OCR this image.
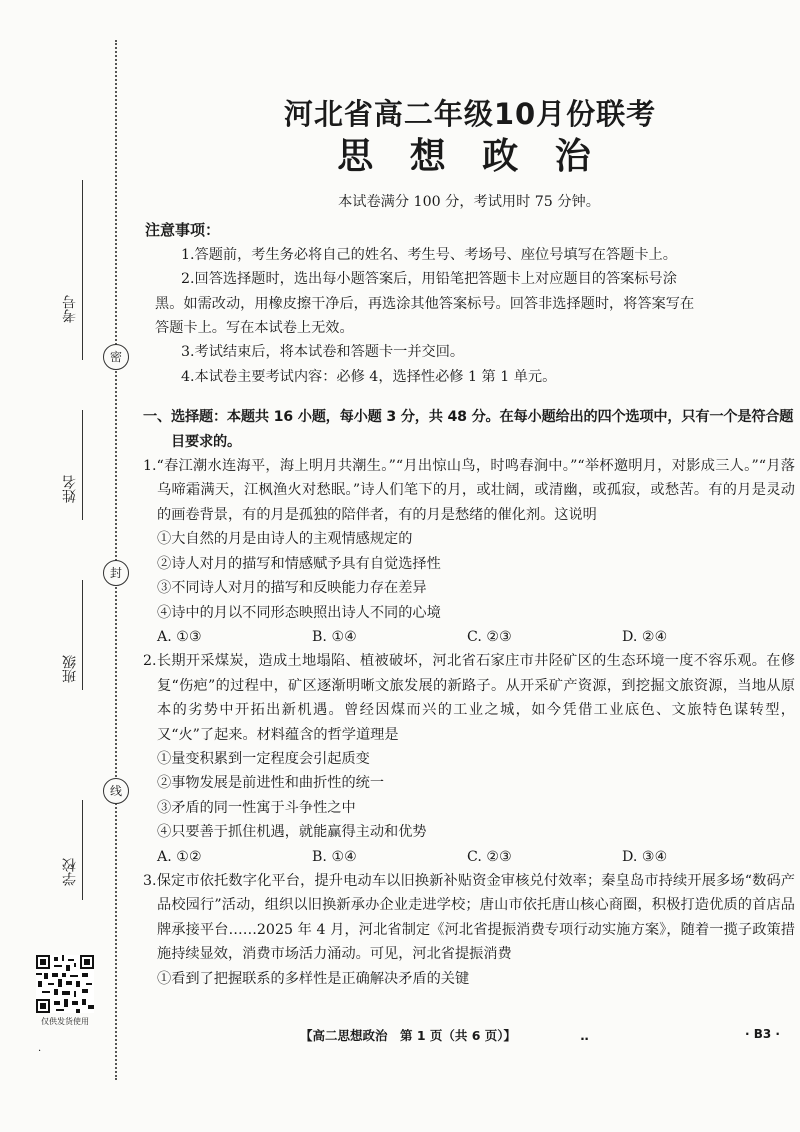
考号
姓名
班级
学校
密
封
线
仅供发货使用
·
河北省高二年级10月份联考
思 想 政 治
本试卷满分 100 分，考试用时 75 分钟。
注意事项：
1.答题前，考生务必将自己的姓名、考生号、考场号、座位号填写在答题卡上。
2.回答选择题时，选出每小题答案后，用铅笔把答题卡上对应题目的答案标号涂
黑。如需改动，用橡皮擦干净后，再选涂其他答案标号。回答非选择题时，将答案写在
答题卡上。写在本试卷上无效。
3.考试结束后，将本试卷和答题卡一并交回。
4.本试卷主要考试内容：必修 4，选择性必修 1 第 1 单元。
一、选择题：本题共 16 小题，每小题 3 分，共 48 分。在每小题给出的四个选项中，只有一个是符合题目要求的。
1.“春江潮水连海平，海上明月共潮生。”“月出惊山鸟，时鸣春涧中。”“举杯邀明月，对影成三人。”“月落乌啼霜满天，江枫渔火对愁眠。”诗人们笔下的月，或壮阔，或清幽，或孤寂，或愁苦。有的月是灵动的画卷背景，有的月是孤独的陪伴者，有的月是愁绪的催化剂。这说明
①大自然的月是由诗人的主观情感规定的
②诗人对月的描写和情感赋予具有自觉选择性
③不同诗人对月的描写和反映能力存在差异
④诗中的月以不同形态映照出诗人不同的心境
A. ①③	B. ①④	C. ②③	D. ②④
2.长期开采煤炭，造成土地塌陷、植被破坏，河北省石家庄市井陉矿区的生态环境一度不容乐观。在修复“伤疤”的过程中，矿区逐渐明晰文旅发展的新路子。从开采矿产资源，到挖掘文旅资源，当地从原本的劣势中开拓出新机遇。曾经因煤而兴的工业之城，如今凭借工业底色、文旅特色谋转型，又“火”了起来。材料蕴含的哲学道理是
①量变积累到一定程度会引起质变
②事物发展是前进性和曲折性的统一
③矛盾的同一性寓于斗争性之中
④只要善于抓住机遇，就能赢得主动和优势
A. ①②	B. ①④	C. ②③	D. ③④
3.保定市依托数字化平台，提升电动车以旧换新补贴资金审核兑付效率；秦皇岛市持续开展多场“数码产品校园行”活动，组织以旧换新承办企业走进学校；唐山市依托唐山核心商圈，积极打造优质的首店品牌承接平台……2025 年 4 月，河北省制定《河北省提振消费专项行动实施方案》，随着一揽子政策措施持续显效，消费市场活力涌动。可见，河北省提振消费
①看到了把握联系的多样性是正确解决矛盾的关键
【高二思想政治　第 1 页（共 6 页）】	‥	· B3 ·
